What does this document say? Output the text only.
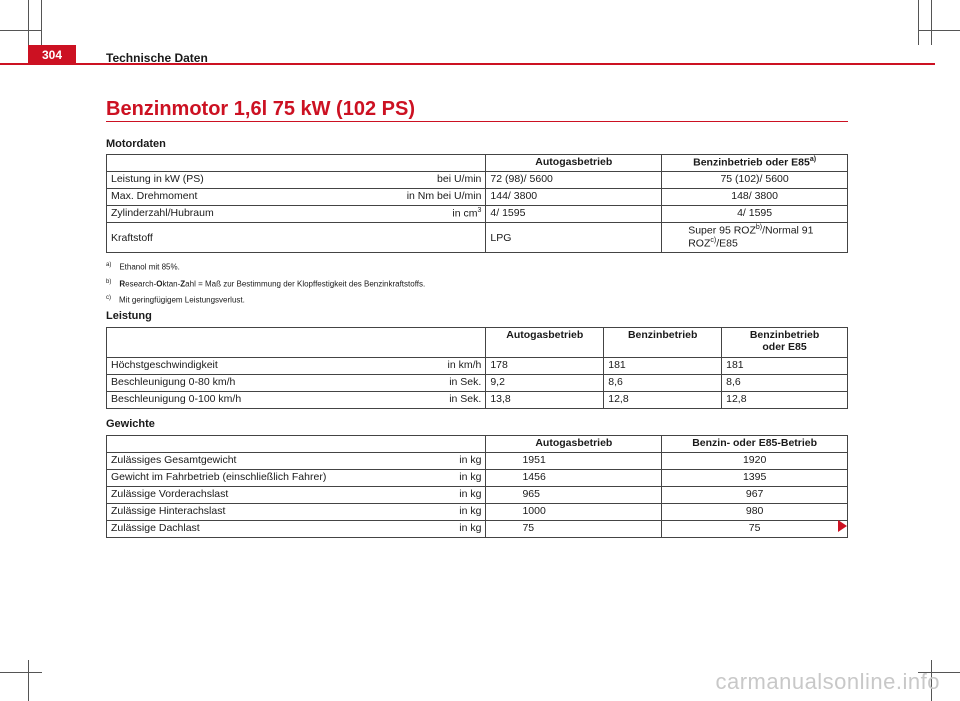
304	Technische Daten
Benzinmotor 1,6l 75 kW (102 PS)
Motordaten
	Autogasbetrieb	Benzinbetrieb oder E85$^{a)}$

Leistung in kW (PS) bei U/min	72 (98)/ 5600	75 (102)/ 5600

Max. Drehmoment in Nm bei U/min	144/ 3800	148/ 3800

Zylinderzahl/Hubraum in $cm^3$	4/ 1595	4/ 1595
Kraftstoff	LPG	Super 95 ROZ$^{b)}$/Normal 91
ROZ$^{c)}$/E85
$^{a)}$ Ethanol mit 85%.
$^{b)}$ Research-Oktan-Zahl = Maß zur Bestimmung der Klopffestigkeit des Benzinkraftstoffs.
$^{c)}$ Mit geringfügigem Leistungsverlust.
Leistung
	Autogasbetrieb	Benzinbetrieb	Benzinbetrieb
oder E85

Höchstgeschwindigkeit in km/h	178	181	181

Beschleunigung 0-80 km/h in Sek.	9,2	8,6	8,6

Beschleunigung 0-100 km/h in Sek.	13,8	12,8	12,8
Gewichte
	Autogasbetrieb	Benzin- oder E85-Betrieb

Zulässiges Gesamtgewicht in kg	1951	1920

Gewicht im Fahrbetrieb (einschließlich Fahrer) in kg	1456	1395

Zulässige Vorderachslast in kg	965	967

Zulässige Hinterachslast in kg	1000	980

Zulässige Dachlast in kg	75	75
carmanualsonline.info
